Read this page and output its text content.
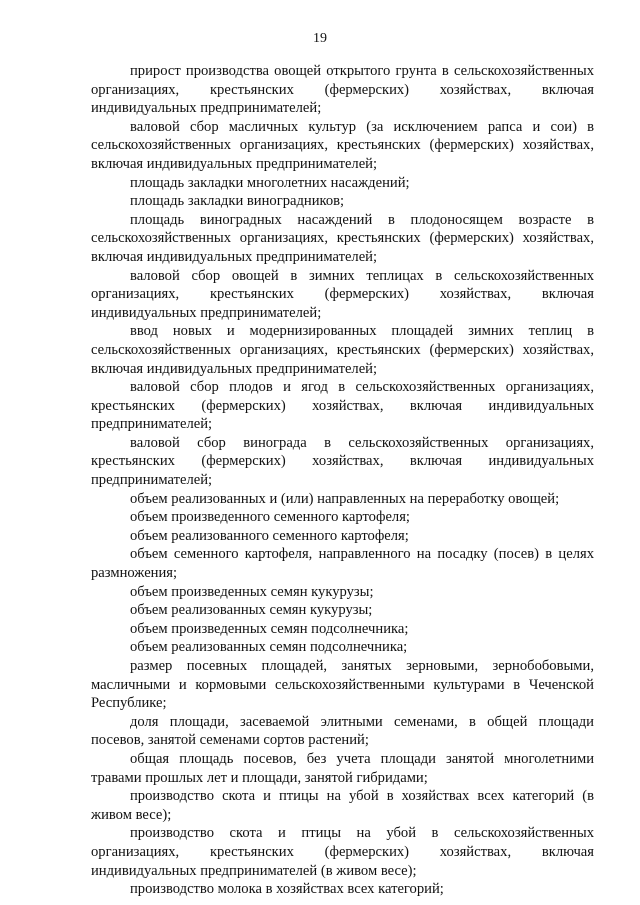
19

прирост производства овощей открытого грунта в сельскохозяйственных организациях, крестьянских (фермерских) хозяйствах, включая индивидуальных предпринимателей;

валовой сбор масличных культур (за исключением рапса и сои) в сельскохозяйственных организациях, крестьянских (фермерских) хозяйствах, включая индивидуальных предпринимателей;

площадь закладки многолетних насаждений;

площадь закладки виноградников;

площадь виноградных насаждений в плодоносящем возрасте в сельскохозяйственных организациях, крестьянских (фермерских) хозяйствах, включая индивидуальных предпринимателей;

валовой сбор овощей в зимних теплицах в сельскохозяйственных организациях, крестьянских (фермерских) хозяйствах, включая индивидуальных предпринимателей;

ввод новых и модернизированных площадей зимних теплиц в сельскохозяйственных организациях, крестьянских (фермерских) хозяйствах, включая индивидуальных предпринимателей;

валовой сбор плодов и ягод в сельскохозяйственных организациях, крестьянских (фермерских) хозяйствах, включая индивидуальных предпринимателей;

валовой сбор винограда в сельскохозяйственных организациях, крестьянских (фермерских) хозяйствах, включая индивидуальных предпринимателей;

объем реализованных и (или) направленных на переработку овощей;

объем произведенного семенного картофеля;

объем реализованного семенного картофеля;

объем семенного картофеля, направленного на посадку (посев) в целях размножения;

объем произведенных семян кукурузы;

объем реализованных семян кукурузы;

объем произведенных семян подсолнечника;

объем реализованных семян подсолнечника;

размер посевных площадей, занятых зерновыми, зернобобовыми, масличными и кормовыми сельскохозяйственными культурами в Чеченской Республике;

доля площади, засеваемой элитными семенами, в общей площади посевов, занятой семенами сортов растений;

общая площадь посевов, без учета площади занятой многолетними травами прошлых лет и площади, занятой гибридами;

производство скота и птицы на убой в хозяйствах всех категорий (в живом весе);

производство скота и птицы на убой в сельскохозяйственных организациях, крестьянских (фермерских) хозяйствах, включая индивидуальных предпринимателей (в живом весе);

производство молока в хозяйствах всех категорий;
